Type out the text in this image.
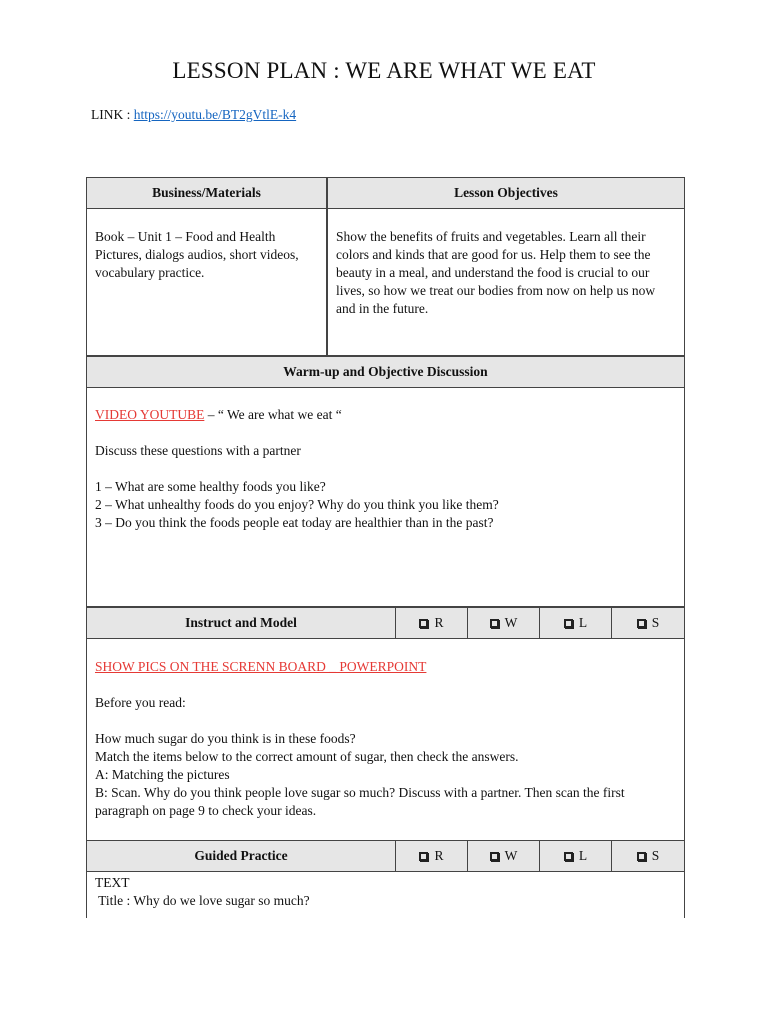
LESSON PLAN : WE ARE WHAT WE EAT
LINK : https://youtu.be/BT2gVtlE-k4
Business/Materials	Lesson Objectives
Book – Unit 1 – Food and Health Pictures, dialogs audios, short videos, vocabulary practice.
Show the benefits of fruits and vegetables. Learn all their colors and kinds that are good for us. Help them to see the beauty in a meal, and understand the food is crucial to our lives, so how we treat our bodies from now on help us now and in the future.
Warm-up and Objective Discussion

VIDEO YOUTUBE – “ We are what we eat “

Discuss these questions with a partner

1 – What are some healthy foods you like?

2 – What unhealthy foods do you enjoy? Why do you think you like them?

3 – Do you think the foods people eat today are healthier than in the past?

Instruct and Model	R	W	L	S

SHOW PICS ON THE SCRENN BOARD _ POWERPOINT

Before you read:

How much sugar do you think is in these foods?

Match the items below to the correct amount of sugar, then check the answers.

A: Matching the pictures

B: Scan. Why do you think people love sugar so much? Discuss with a partner. Then scan the first paragraph on page 9 to check your ideas.

Guided Practice	R	W	L	S

TEXT

Title : Why do we love sugar so much?
